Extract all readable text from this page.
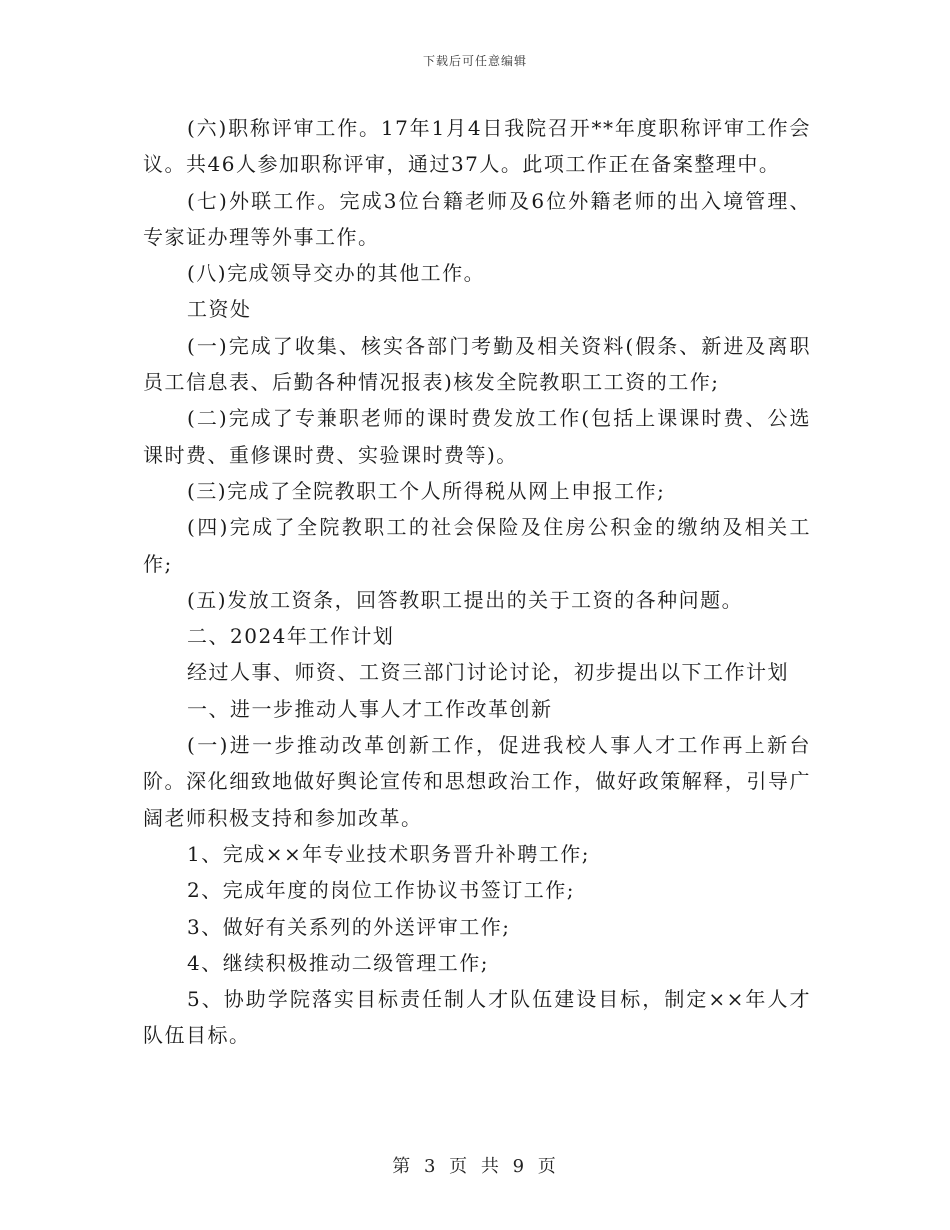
下载后可任意编辑

(六)职称评审工作。17年1月4日我院召开**年度职称评审工作会议。共46人参加职称评审，通过37人。此项工作正在备案整理中。

(七)外联工作。完成3位台籍老师及6位外籍老师的出入境管理、专家证办理等外事工作。

(八)完成领导交办的其他工作。

工资处

(一)完成了收集、核实各部门考勤及相关资料(假条、新进及离职员工信息表、后勤各种情况报表)核发全院教职工工资的工作;

(二)完成了专兼职老师的课时费发放工作(包括上课课时费、公选课时费、重修课时费、实验课时费等)。

(三)完成了全院教职工个人所得税从网上申报工作;

(四)完成了全院教职工的社会保险及住房公积金的缴纳及相关工作;

(五)发放工资条，回答教职工提出的关于工资的各种问题。

二、2024年工作计划

经过人事、师资、工资三部门讨论讨论，初步提出以下工作计划

一、进一步推动人事人才工作改革创新

(一)进一步推动改革创新工作，促进我校人事人才工作再上新台阶。深化细致地做好舆论宣传和思想政治工作，做好政策解释，引导广阔老师积极支持和参加改革。

1、完成××年专业技术职务晋升补聘工作;

2、完成年度的岗位工作协议书签订工作;

3、做好有关系列的外送评审工作;

4、继续积极推动二级管理工作;

5、协助学院落实目标责任制人才队伍建设目标，制定××年人才队伍目标。

第 3 页 共 9 页
